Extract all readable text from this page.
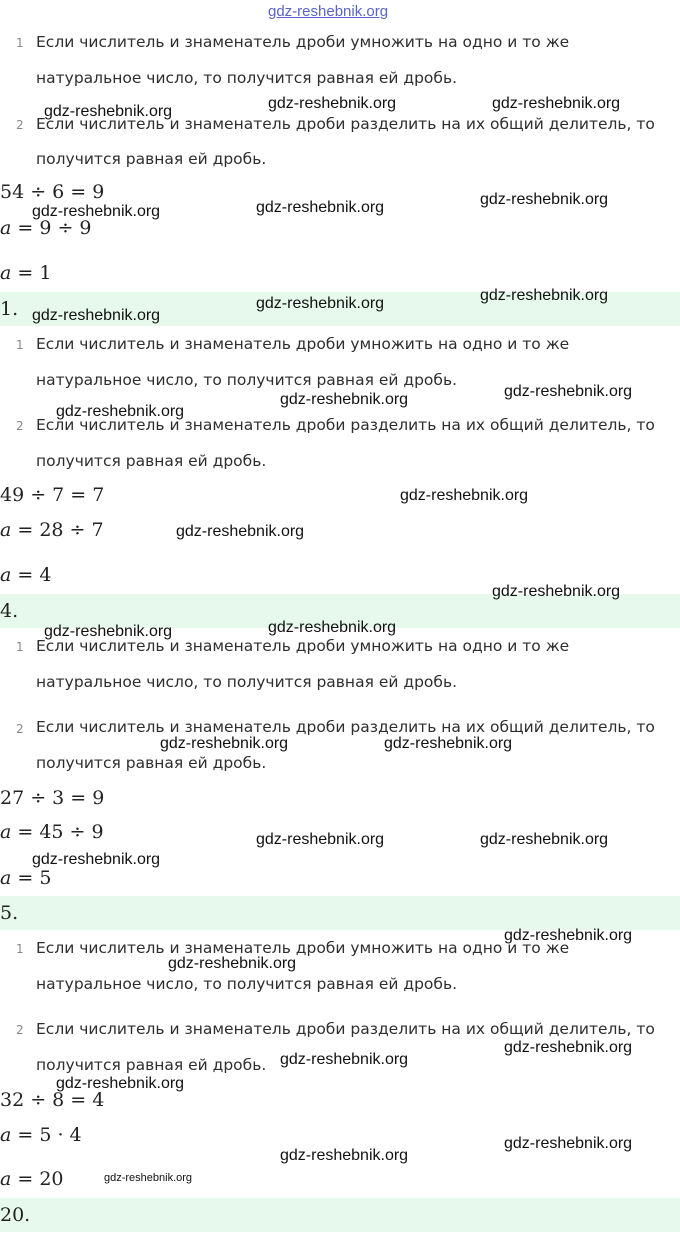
gdz-reshebnik.org
1 Если числитель и знаменатель дроби умножить на одно и то же
натуральное число, то получится равная ей дробь.
2 Если числитель и знаменатель дроби разделить на их общий делитель, то
получится равная ей дробь.
54 ÷ 6 = 9
a = 9 ÷ 9
a = 1
1.
1 Если числитель и знаменатель дроби умножить на одно и то же
натуральное число, то получится равная ей дробь.
2 Если числитель и знаменатель дроби разделить на их общий делитель, то
получится равная ей дробь.
49 ÷ 7 = 7
a = 28 ÷ 7
a = 4
4.
1 Если числитель и знаменатель дроби умножить на одно и то же
натуральное число, то получится равная ей дробь.
2 Если числитель и знаменатель дроби разделить на их общий делитель, то
получится равная ей дробь.
27 ÷ 3 = 9
a = 45 ÷ 9
a = 5
5.
1 Если числитель и знаменатель дроби умножить на одно и то же
натуральное число, то получится равная ей дробь.
2 Если числитель и знаменатель дроби разделить на их общий делитель, то
получится равная ей дробь.
32 ÷ 8 = 4
a = 5 · 4
a = 20
20.
gdz-reshebnik.org	gdz-reshebnik.org	gdz-reshebnik.org
gdz-reshebnik.org	gdz-reshebnik.org	gdz-reshebnik.org
gdz-reshebnik.org	gdz-reshebnik.org
gdz-reshebnik.org
gdz-reshebnik.org
gdz-reshebnik.org
gdz-reshebnik.org
gdz-reshebnik.org
gdz-reshebnik.org
gdz-reshebnik.org
gdz-reshebnik.org	gdz-reshebnik.org
gdz-reshebnik.org	gdz-reshebnik.org
gdz-reshebnik.org	gdz-reshebnik.org
gdz-reshebnik.org
gdz-reshebnik.org
gdz-reshebnik.org
gdz-reshebnik.org
gdz-reshebnik.org
gdz-reshebnik.org
gdz-reshebnik.org
gdz-reshebnik.org
gdz-reshebnik.org
